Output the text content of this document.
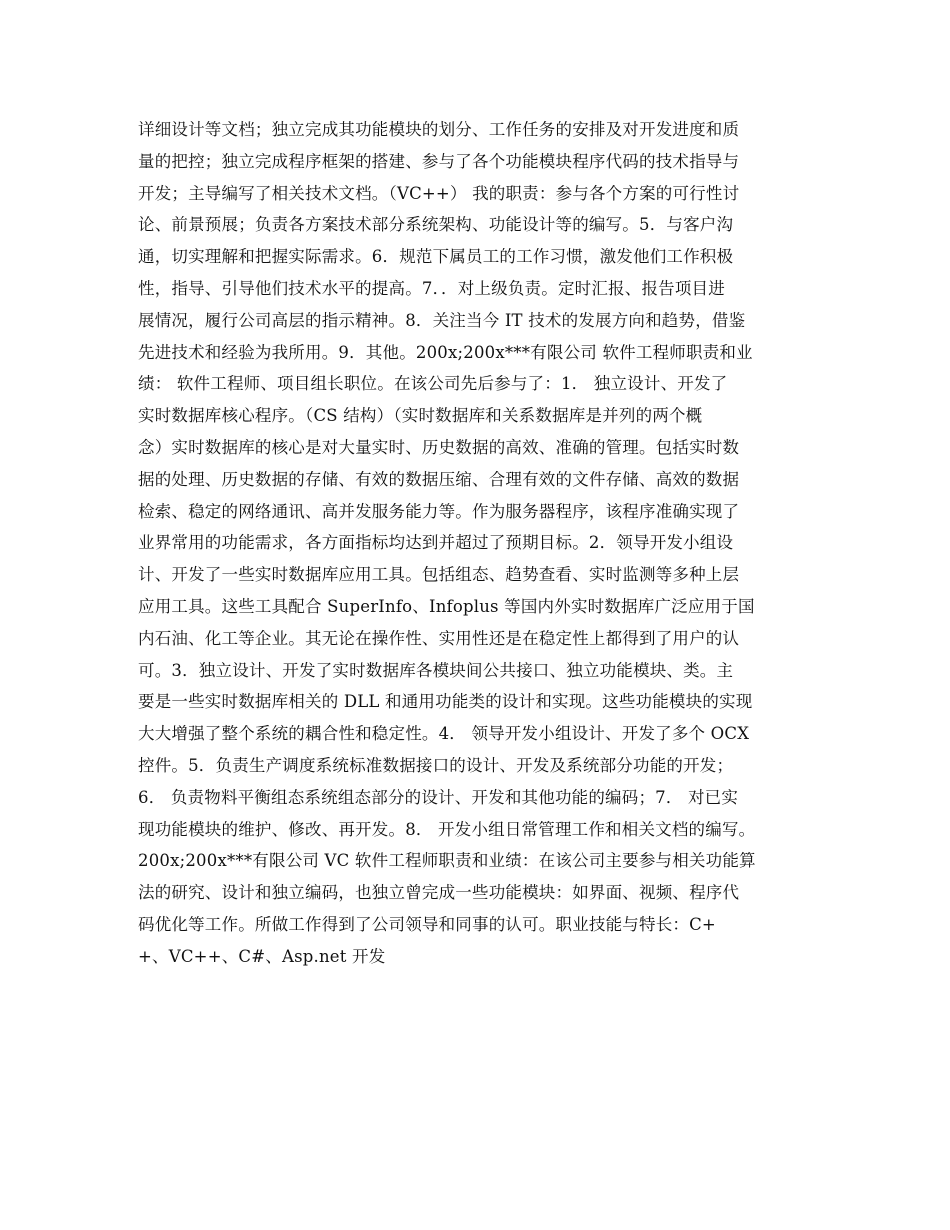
详细设计等文档；独立完成其功能模块的划分、工作任务的安排及对开发进度和质
量的把控；独立完成程序框架的搭建、参与了各个功能模块程序代码的技术指导与
开发；主导编写了相关技术文档。（VC++） 我的职责：参与各个方案的可行性讨
论、前景预展；负责各方案技术部分系统架构、功能设计等的编写。5．与客户沟
通，切实理解和把握实际需求。6．规范下属员工的工作习惯，激发他们工作积极
性，指导、引导他们技术水平的提高。7．．对上级负责。定时汇报、报告项目进
展情况，履行公司高层的指示精神。8．关注当今 IT 技术的发展方向和趋势，借鉴
先进技术和经验为我所用。9．其他。200x;200x***有限公司 软件工程师职责和业
绩： 软件工程师、项目组长职位。在该公司先后参与了：1． 独立设计、开发了
实时数据库核心程序。（CS 结构）（实时数据库和关系数据库是并列的两个概
念）实时数据库的核心是对大量实时、历史数据的高效、准确的管理。包括实时数
据的处理、历史数据的存储、有效的数据压缩、合理有效的文件存储、高效的数据
检索、稳定的网络通讯、高并发服务能力等。作为服务器程序，该程序准确实现了
业界常用的功能需求，各方面指标均达到并超过了预期目标。2．领导开发小组设
计、开发了一些实时数据库应用工具。包括组态、趋势查看、实时监测等多种上层
应用工具。这些工具配合 SuperInfo、Infoplus 等国内外实时数据库广泛应用于国
内石油、化工等企业。其无论在操作性、实用性还是在稳定性上都得到了用户的认
可。3．独立设计、开发了实时数据库各模块间公共接口、独立功能模块、类。主
要是一些实时数据库相关的 DLL 和通用功能类的设计和实现。这些功能模块的实现
大大增强了整个系统的耦合性和稳定性。4． 领导开发小组设计、开发了多个 OCX
控件。5．负责生产调度系统标准数据接口的设计、开发及系统部分功能的开发；
6． 负责物料平衡组态系统组态部分的设计、开发和其他功能的编码；7． 对已实
现功能模块的维护、修改、再开发。8． 开发小组日常管理工作和相关文档的编写。
200x;200x***有限公司 VC 软件工程师职责和业绩：在该公司主要参与相关功能算
法的研究、设计和独立编码，也独立曾完成一些功能模块：如界面、视频、程序代
码优化等工作。所做工作得到了公司领导和同事的认可。职业技能与特长：C+
+、VC++、C#、Asp.net 开发
